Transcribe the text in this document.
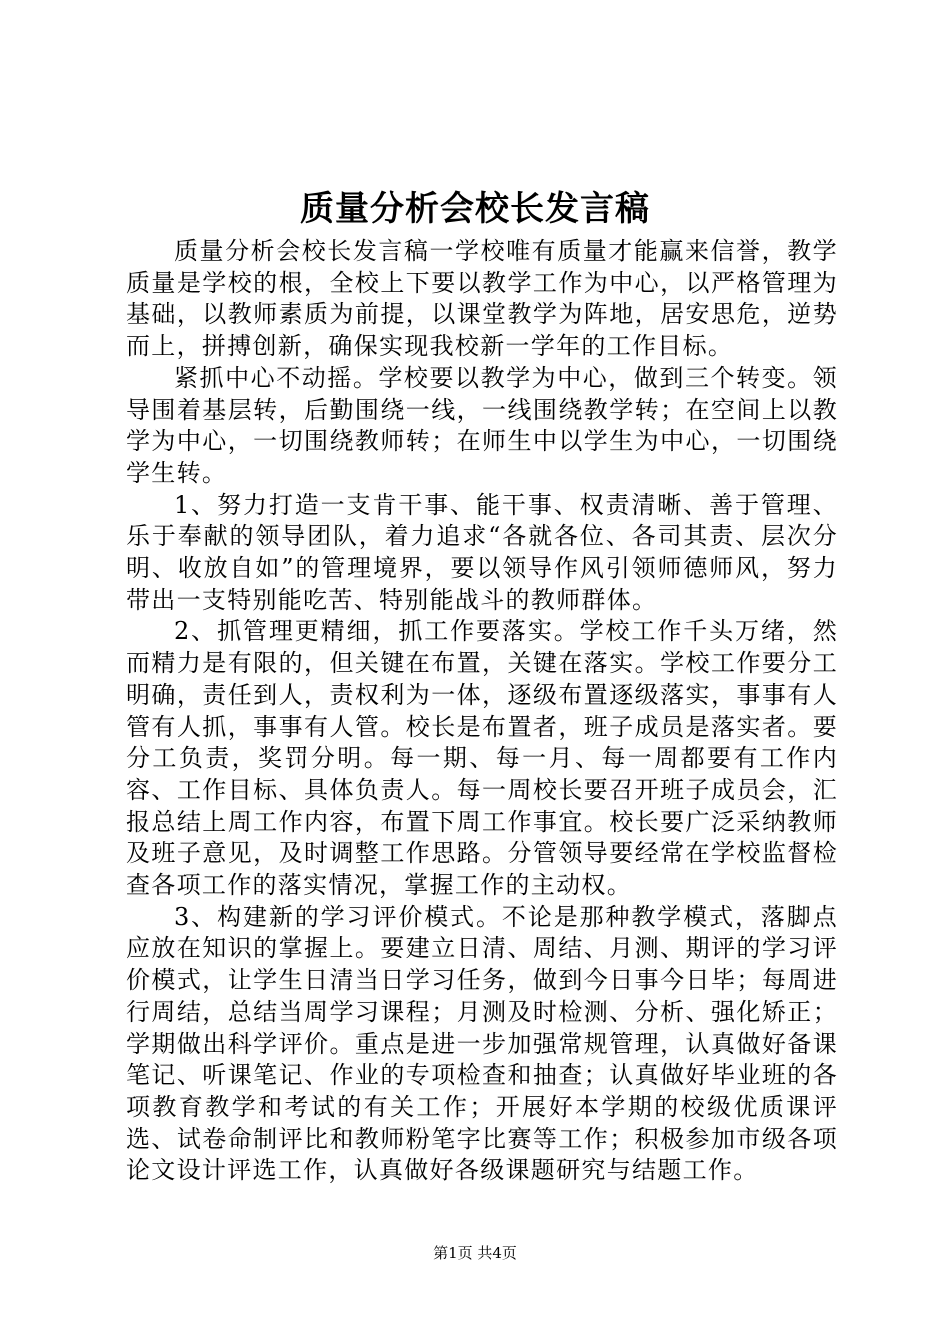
质量分析会校长发言稿

质量分析会校长发言稿一学校唯有质量才能赢来信誉，教学质量是学校的根，全校上下要以教学工作为中心，以严格管理为基础，以教师素质为前提，以课堂教学为阵地，居安思危，逆势而上，拼搏创新，确保实现我校新一学年的工作目标。

紧抓中心不动摇。学校要以教学为中心，做到三个转变。领导围着基层转，后勤围绕一线，一线围绕教学转；在空间上以教学为中心，一切围绕教师转；在师生中以学生为中心，一切围绕学生转。

1、努力打造一支肯干事、能干事、权责清晰、善于管理、乐于奉献的领导团队，着力追求“各就各位、各司其责、层次分明、收放自如”的管理境界，要以领导作风引领师德师风，努力带出一支特别能吃苦、特别能战斗的教师群体。

2、抓管理更精细，抓工作要落实。学校工作千头万绪，然而精力是有限的，但关键在布置，关键在落实。学校工作要分工明确，责任到人，责权利为一体，逐级布置逐级落实，事事有人管有人抓，事事有人管。校长是布置者，班子成员是落实者。要分工负责，奖罚分明。每一期、每一月、每一周都要有工作内容、工作目标、具体负责人。每一周校长要召开班子成员会，汇报总结上周工作内容，布置下周工作事宜。校长要广泛采纳教师及班子意见，及时调整工作思路。分管领导要经常在学校监督检查各项工作的落实情况，掌握工作的主动权。

3、构建新的学习评价模式。不论是那种教学模式，落脚点应放在知识的掌握上。要建立日清、周结、月测、期评的学习评价模式，让学生日清当日学习任务，做到今日事今日毕；每周进行周结，总结当周学习课程；月测及时检测、分析、强化矫正；学期做出科学评价。重点是进一步加强常规管理，认真做好备课笔记、听课笔记、作业的专项检查和抽查；认真做好毕业班的各项教育教学和考试的有关工作；开展好本学期的校级优质课评选、试卷命制评比和教师粉笔字比赛等工作；积极参加市级各项论文设计评选工作，认真做好各级课题研究与结题工作。

第1页 共4页
